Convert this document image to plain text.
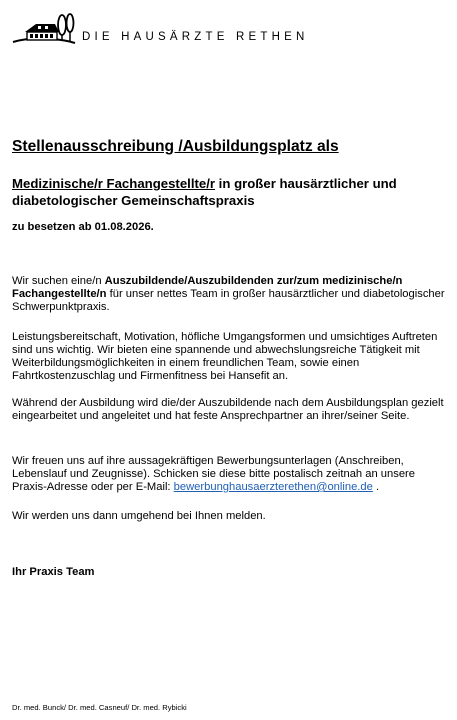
DIE HAUSÄRZTE RETHEN
Stellenausschreibung /Ausbildungsplatz als
Medizinische/r Fachangestellte/r in großer hausärztlicher und diabetologischer Gemeinschaftspraxis
zu besetzen ab 01.08.2026.
Wir suchen eine/n Auszubildende/Auszubildenden zur/zum medizinische/n Fachangestellte/n für unser nettes Team in großer hausärztlicher und diabetologischer Schwerpunktpraxis.
Leistungsbereitschaft, Motivation, höfliche Umgangsformen und umsichtiges Auftreten sind uns wichtig. Wir bieten eine spannende und abwechslungsreiche Tätigkeit mit Weiterbildungsmöglichkeiten in einem freundlichen Team, sowie einen Fahrtkostenzuschlag und Firmenfitness bei Hansefit an.
Während der Ausbildung wird die/der Auszubildende nach dem Ausbildungsplan gezielt eingearbeitet und angeleitet und hat feste Ansprechpartner an ihrer/seiner Seite.
Wir freuen uns auf ihre aussagekräftigen Bewerbungsunterlagen (Anschreiben, Lebenslauf und Zeugnisse). Schicken sie diese bitte postalisch zeitnah an unsere Praxis-Adresse oder per E-Mail: bewerbunghausaerzterethen@online.de .
Wir werden uns dann umgehend bei Ihnen melden.
Ihr Praxis Team
Dr. med. Bunck/ Dr. med. Casneuf/ Dr. med. Rybicki
